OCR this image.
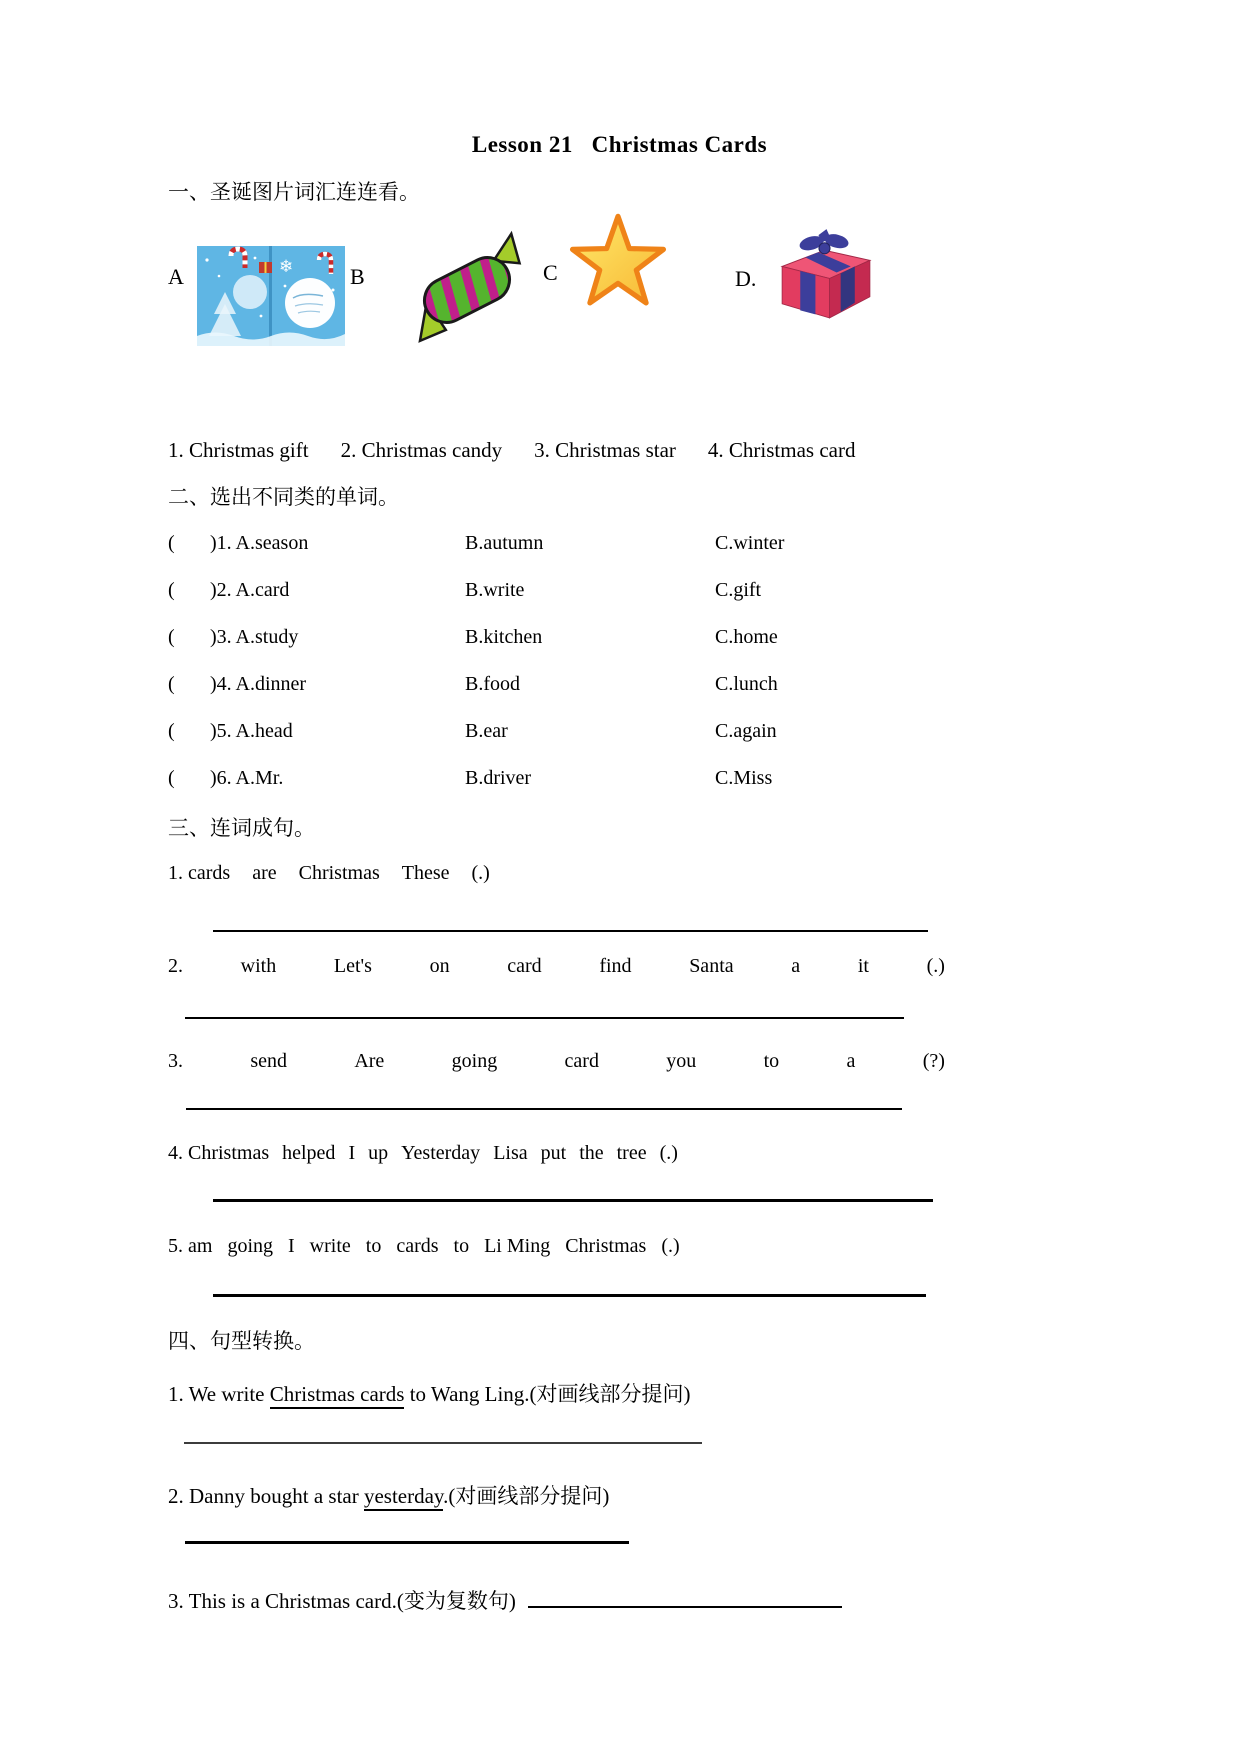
Lesson 21   Christmas Cards
一、圣诞图片词汇连连看。
A	❄	B	C	D.
1. Christmas gift 2. Christmas candy 3. Christmas star 4. Christmas card
二、选出不同类的单词。
(	)1. A.season	B.autumn	C.winter
(	)2. A.card	B.write	C.gift
(	)3. A.study	B.kitchen	C.home
(	)4. A.dinner	B.food	C.lunch
(	)5. A.head	B.ear	C.again
(	)6. A.Mr.	B.driver	C.Miss
三、连词成句。
1. cards are Christmas These (.)
2.	with	Let's	on	card	find	Santa	a	it	(.)
3.	send	Are	going	card	you	to	a	(?)
4. Christmas helped I up Yesterday Lisa put the tree (.)
5. am going I write to cards to Li Ming Christmas (.)
四、句型转换。
1. We write Christmas cards to Wang Ling.(对画线部分提问)
2. Danny bought a star yesterday.(对画线部分提问)
3. This is a Christmas card.(变为复数句)
